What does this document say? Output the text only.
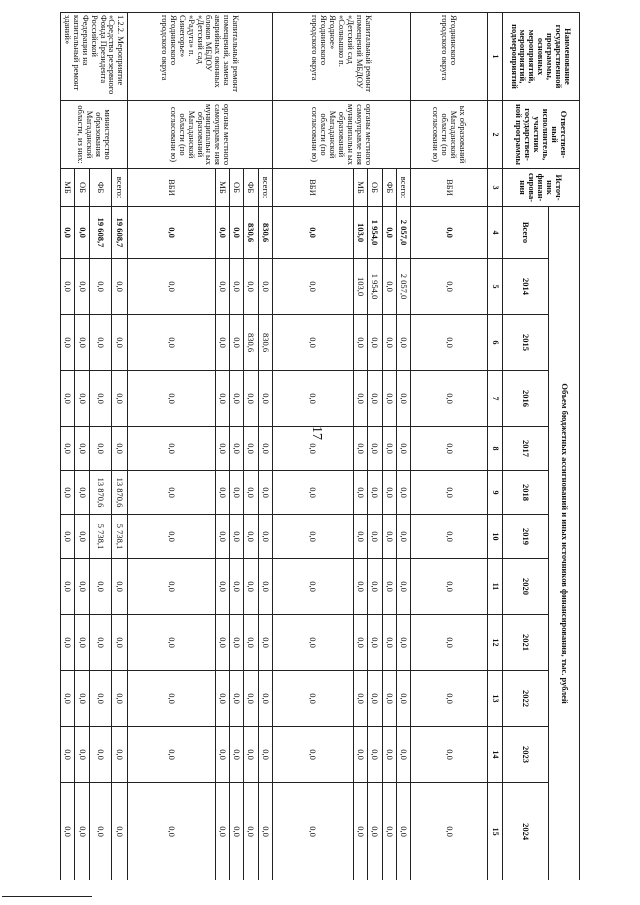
17
Наименование государственной программы, основных мероприятий, мероприятий, подмероприятий	Ответствен-ный исполнитель, участник государствен-ной программы	Источ-ник финан-сирова-ния	Объем бюджетных ассигнований и иных источников финансирования, тыс. рублей											
			Всего	2014	2015	2016	2017	2018	2019	2020	2021	2022	2023	2024
1	2	3	4	5	6	7	8	9	10	11	12	13	14	15
Ягоднинского городского округа	ых образований Магаданской области (по согласовани ю)	ВБИ	0,0	0,0	0,0	0,0	0,0	0,0	0,0	0,0	0,0	0,0	0,0	0,0
Капитальный ремонт помещений МБДОУ «Детский сад «Солнышко п. Ягодное» Ягоднинского городского округа	органы местного самоуправле ния муниципальн ых образований Магаданской области (по согласовани ю)	всего:	2 057,0	2 057,0	0,0	0,0	0,0	0,0	0,0	0,0	0,0	0,0	0,0	0,0
		ФБ	0,0	0,0	0,0	0,0	0,0	0,0	0,0	0,0	0,0	0,0	0,0	0,0
		ОБ	1 954,0	1 954,0	0,0	0,0	0,0	0,0	0,0	0,0	0,0	0,0	0,0	0,0
		МБ	103,0	103,0	0,0	0,0	0,0	0,0	0,0	0,0	0,0	0,0	0,0	0,0
		ВБИ	0,0	0,0	0,0	0,0	0,0	0,0	0,0	0,0	0,0	0,0	0,0	0,0
Капитальный ремонт помещений, замена аварийных оконных блоков МБДОУ «Детский сад «Радуга» п. Синегорье» Ягоднинского городского округа	органы местного самоуправле ния муниципальн ых образований Магаданской области (по согласовани ю)	всего:	830,6	0,0	830,6	0,0	0,0	0,0	0,0	0,0	0,0	0,0	0,0	0,0
		ФБ	830,6	0,0	830,6	0,0	0,0	0,0	0,0	0,0	0,0	0,0	0,0	0,0
		ОБ	0,0	0,0	0,0	0,0	0,0	0,0	0,0	0,0	0,0	0,0	0,0	0,0
		МБ	0,0	0,0	0,0	0,0	0,0	0,0	0,0	0,0	0,0	0,0	0,0	0,0
		ВБИ	0,0	0,0	0,0	0,0	0,0	0,0	0,0	0,0	0,0	0,0	0,0	0,0
1.2.2. Мероприятие «Средства резервного Фонда Президента Российской Федерации на капитальный ремонт зданий»	министерство образования Магаданской области, из них:	всего:	19 608,7	0,0	0,0	0,0	0,0	13 870,6	5 738,1	0,0	0,0	0,0	0,0	0,0
		ФБ	19 608,7	0,0	0,0	0,0	0,0	13 870,6	5 738,1	0,0	0,0	0,0	0,0	0,0
		ОБ	0,0	0,0	0,0	0,0	0,0	0,0	0,0	0,0	0,0	0,0	0,0	0,0
		МБ	0,0	0,0	0,0	0,0	0,0	0,0	0,0	0,0	0,0	0,0	0,0	0,0
